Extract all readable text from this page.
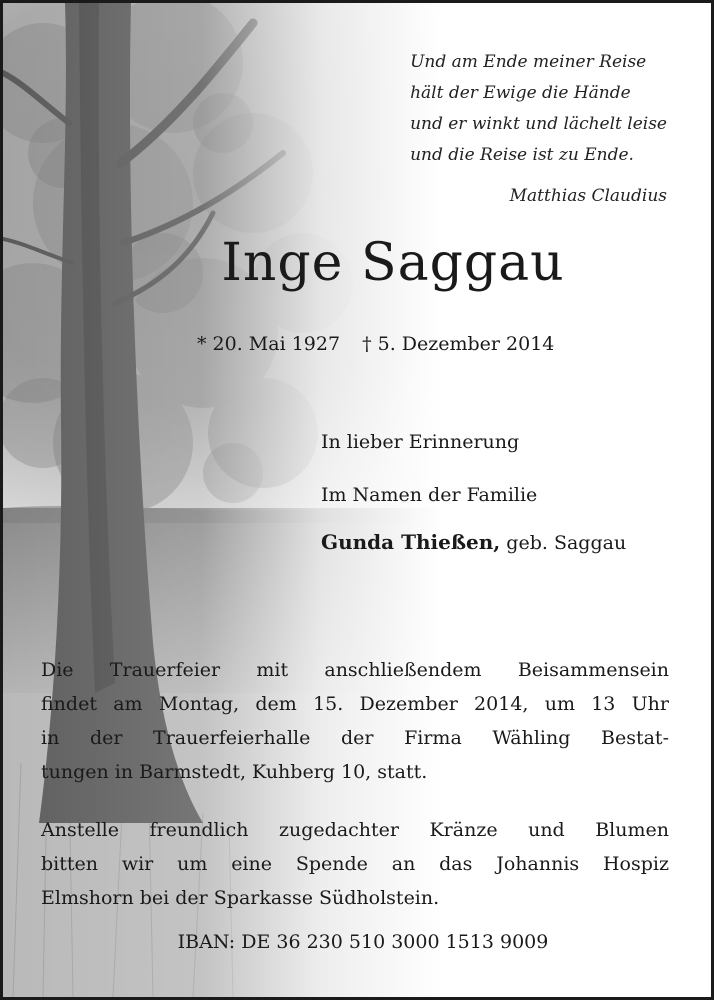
Und am Ende meiner Reise
hält der Ewige die Hände
und er winkt und lächelt leise
und die Reise ist zu Ende.
Matthias Claudius
Inge Saggau
* 20. Mai 1927 † 5. Dezember 2014
In lieber Erinnerung
Im Namen der Familie
Gunda Thießen, geb. Saggau
Die Trauerfeier mit anschließendem Beisammensein
findet am Montag, dem 15. Dezember 2014, um 13 Uhr
in der Trauerfeierhalle der Firma Wähling Bestat-
tungen in Barmstedt, Kuhberg 10, statt.
Anstelle freundlich zugedachter Kränze und Blumen
bitten wir um eine Spende an das Johannis Hospiz
Elmshorn bei der Sparkasse Südholstein.
IBAN: DE 36 230 510 3000 1513 9009
